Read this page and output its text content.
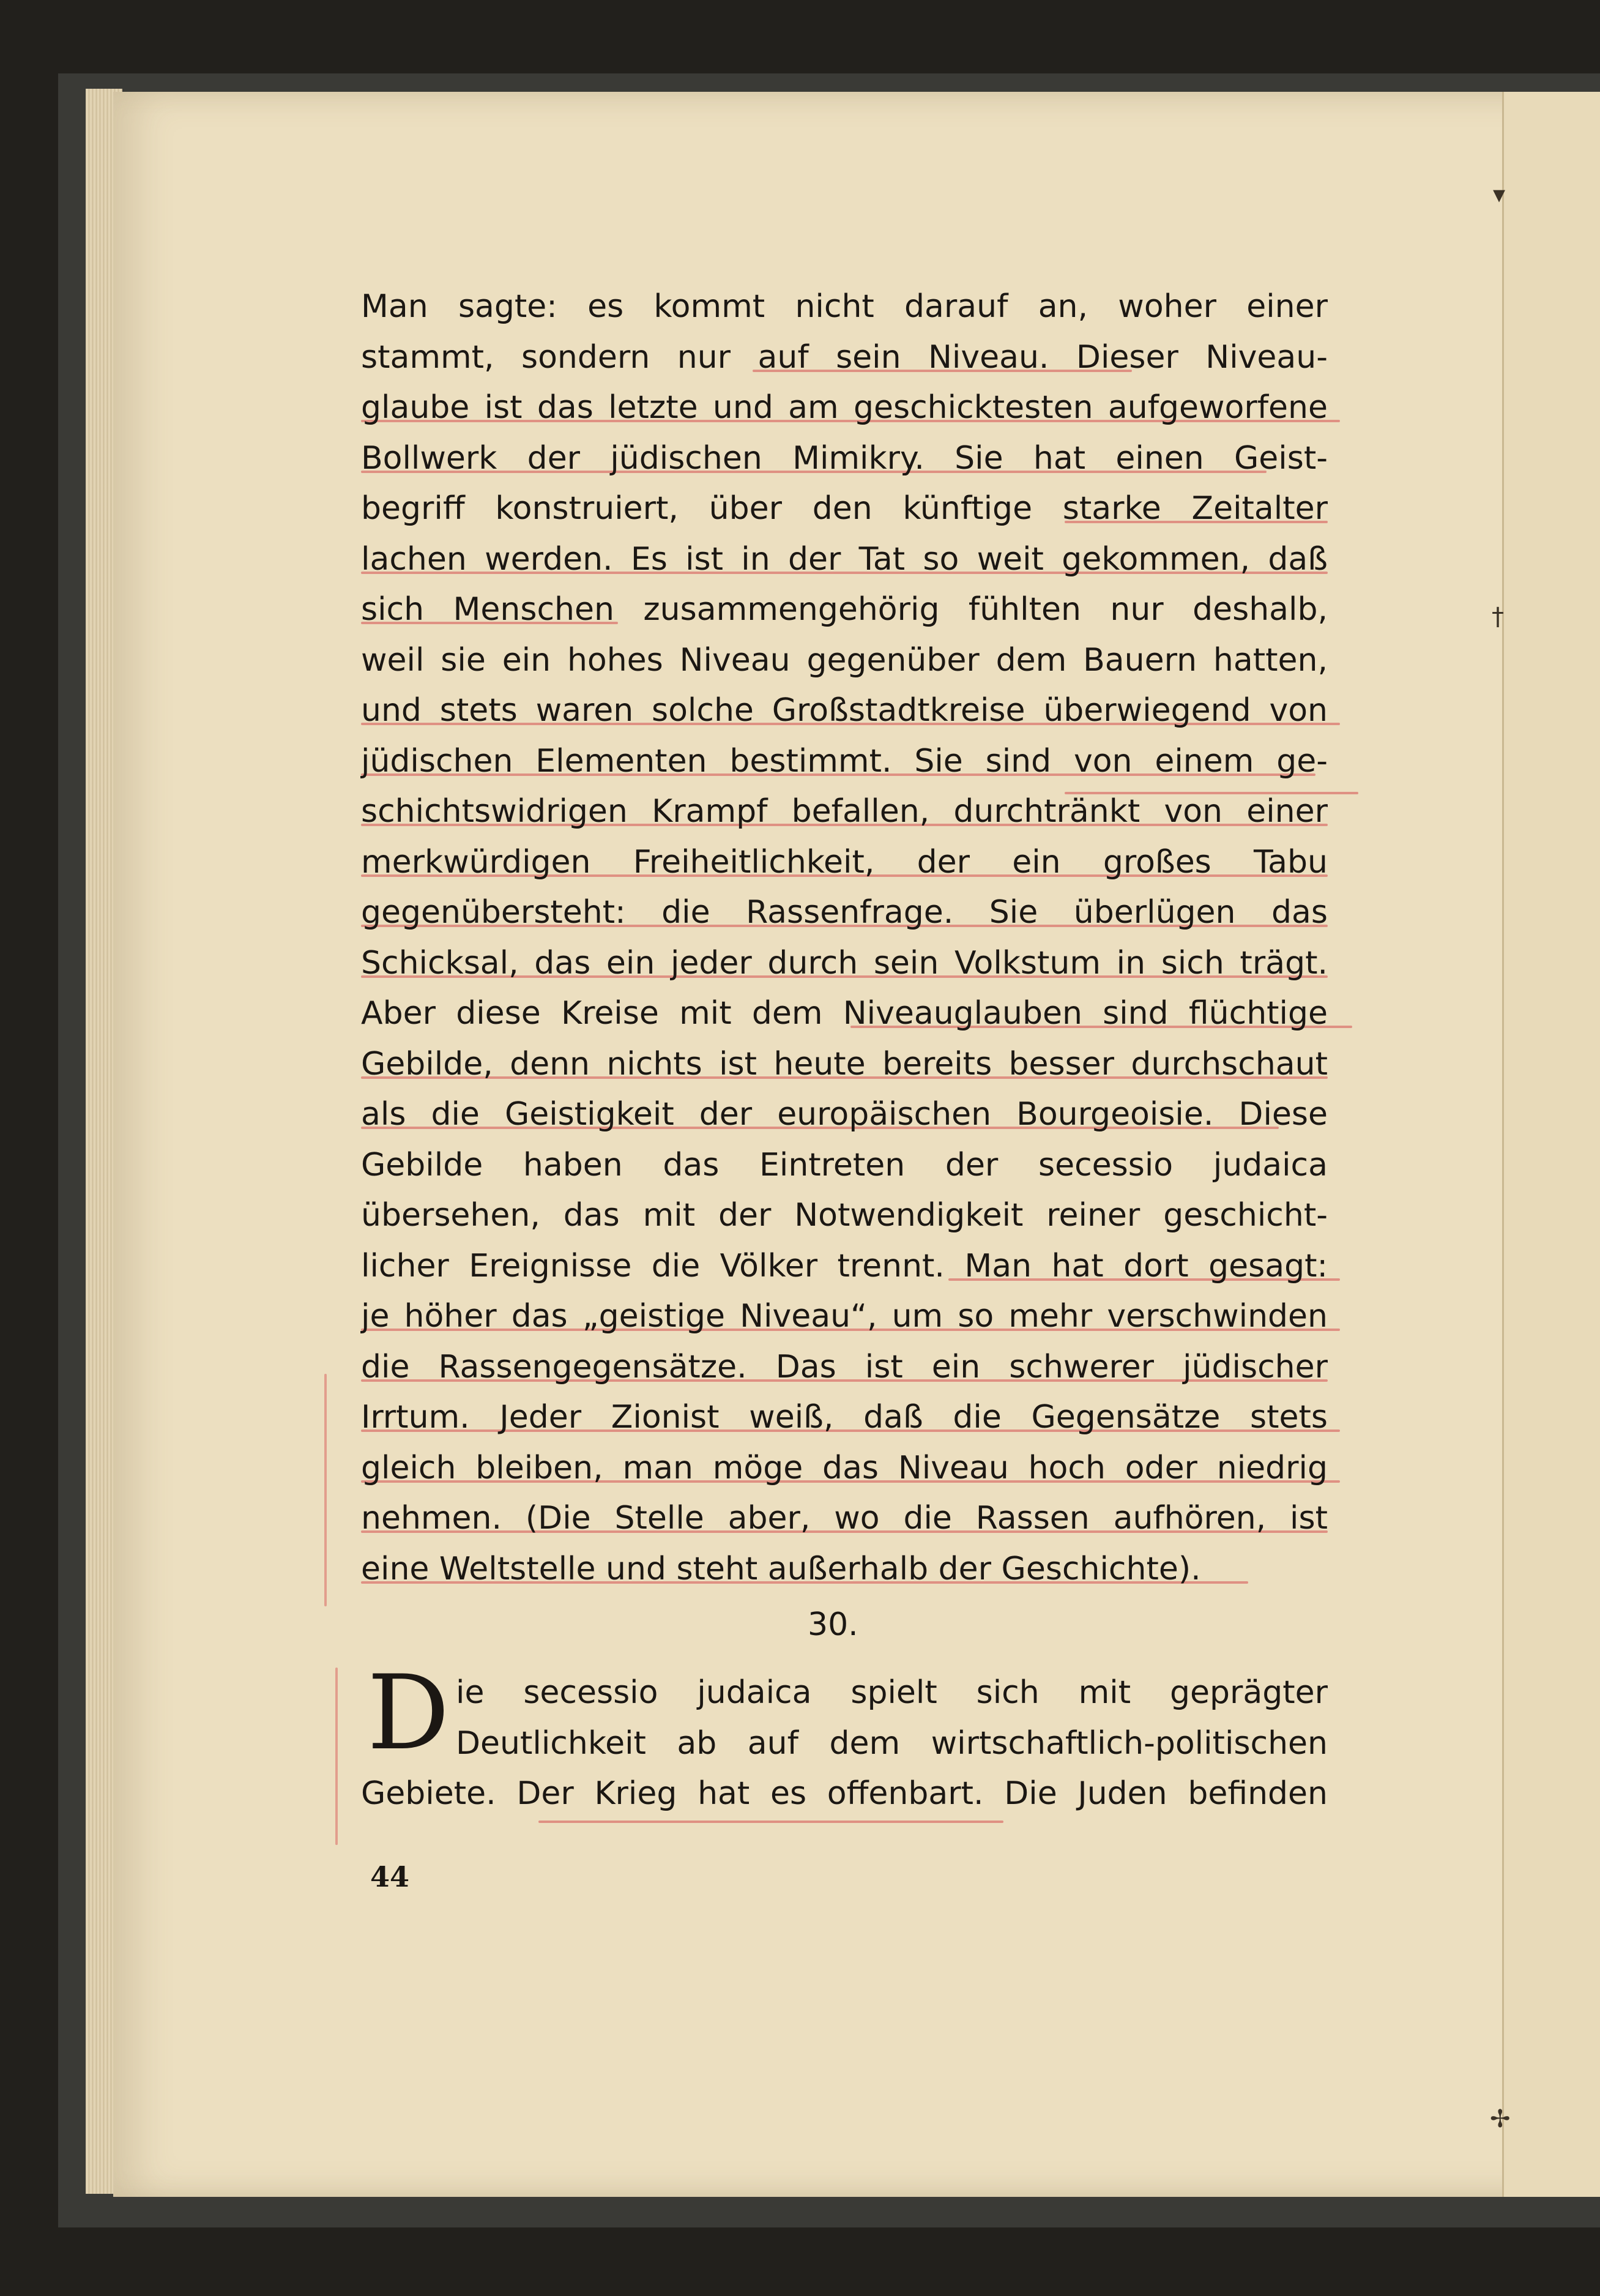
▾
†
✢
Man sagte: es kommt nicht darauf an, woher einer
stammt, sondern nur auf sein Niveau. Dieser Niveau-
glaube ist das letzte und am geschicktesten aufgeworfene
Bollwerk der jüdischen Mimikry. Sie hat einen Geist-
begriff konstruiert, über den künftige starke Zeitalter
lachen werden. Es ist in der Tat so weit gekommen, daß
sich Menschen zusammengehörig fühlten nur deshalb,
weil sie ein hohes Niveau gegenüber dem Bauern hatten,
und stets waren solche Großstadtkreise überwiegend von
jüdischen Elementen bestimmt. Sie sind von einem ge-
schichtswidrigen Krampf befallen, durchtränkt von einer
merkwürdigen Freiheitlichkeit, der ein großes Tabu
gegenübersteht: die Rassenfrage. Sie überlügen das
Schicksal, das ein jeder durch sein Volkstum in sich trägt.
Aber diese Kreise mit dem Niveauglauben sind flüchtige
Gebilde, denn nichts ist heute bereits besser durchschaut
als die Geistigkeit der europäischen Bourgeoisie. Diese
Gebilde haben das Eintreten der secessio judaica
übersehen, das mit der Notwendigkeit reiner geschicht-
licher Ereignisse die Völker trennt. Man hat dort gesagt:
je höher das „geistige Niveau“, um so mehr verschwinden
die Rassengegensätze. Das ist ein schwerer jüdischer
Irrtum. Jeder Zionist weiß, daß die Gegensätze stets
gleich bleiben, man möge das Niveau hoch oder niedrig
nehmen. (Die Stelle aber, wo die Rassen aufhören, ist
eine Weltstelle und steht außerhalb der Geschichte).
30.
D ie secessio judaica spielt sich mit geprägter
Deutlichkeit ab auf dem wirtschaftlich-politischen
Gebiete. Der Krieg hat es offenbart. Die Juden befinden
44
